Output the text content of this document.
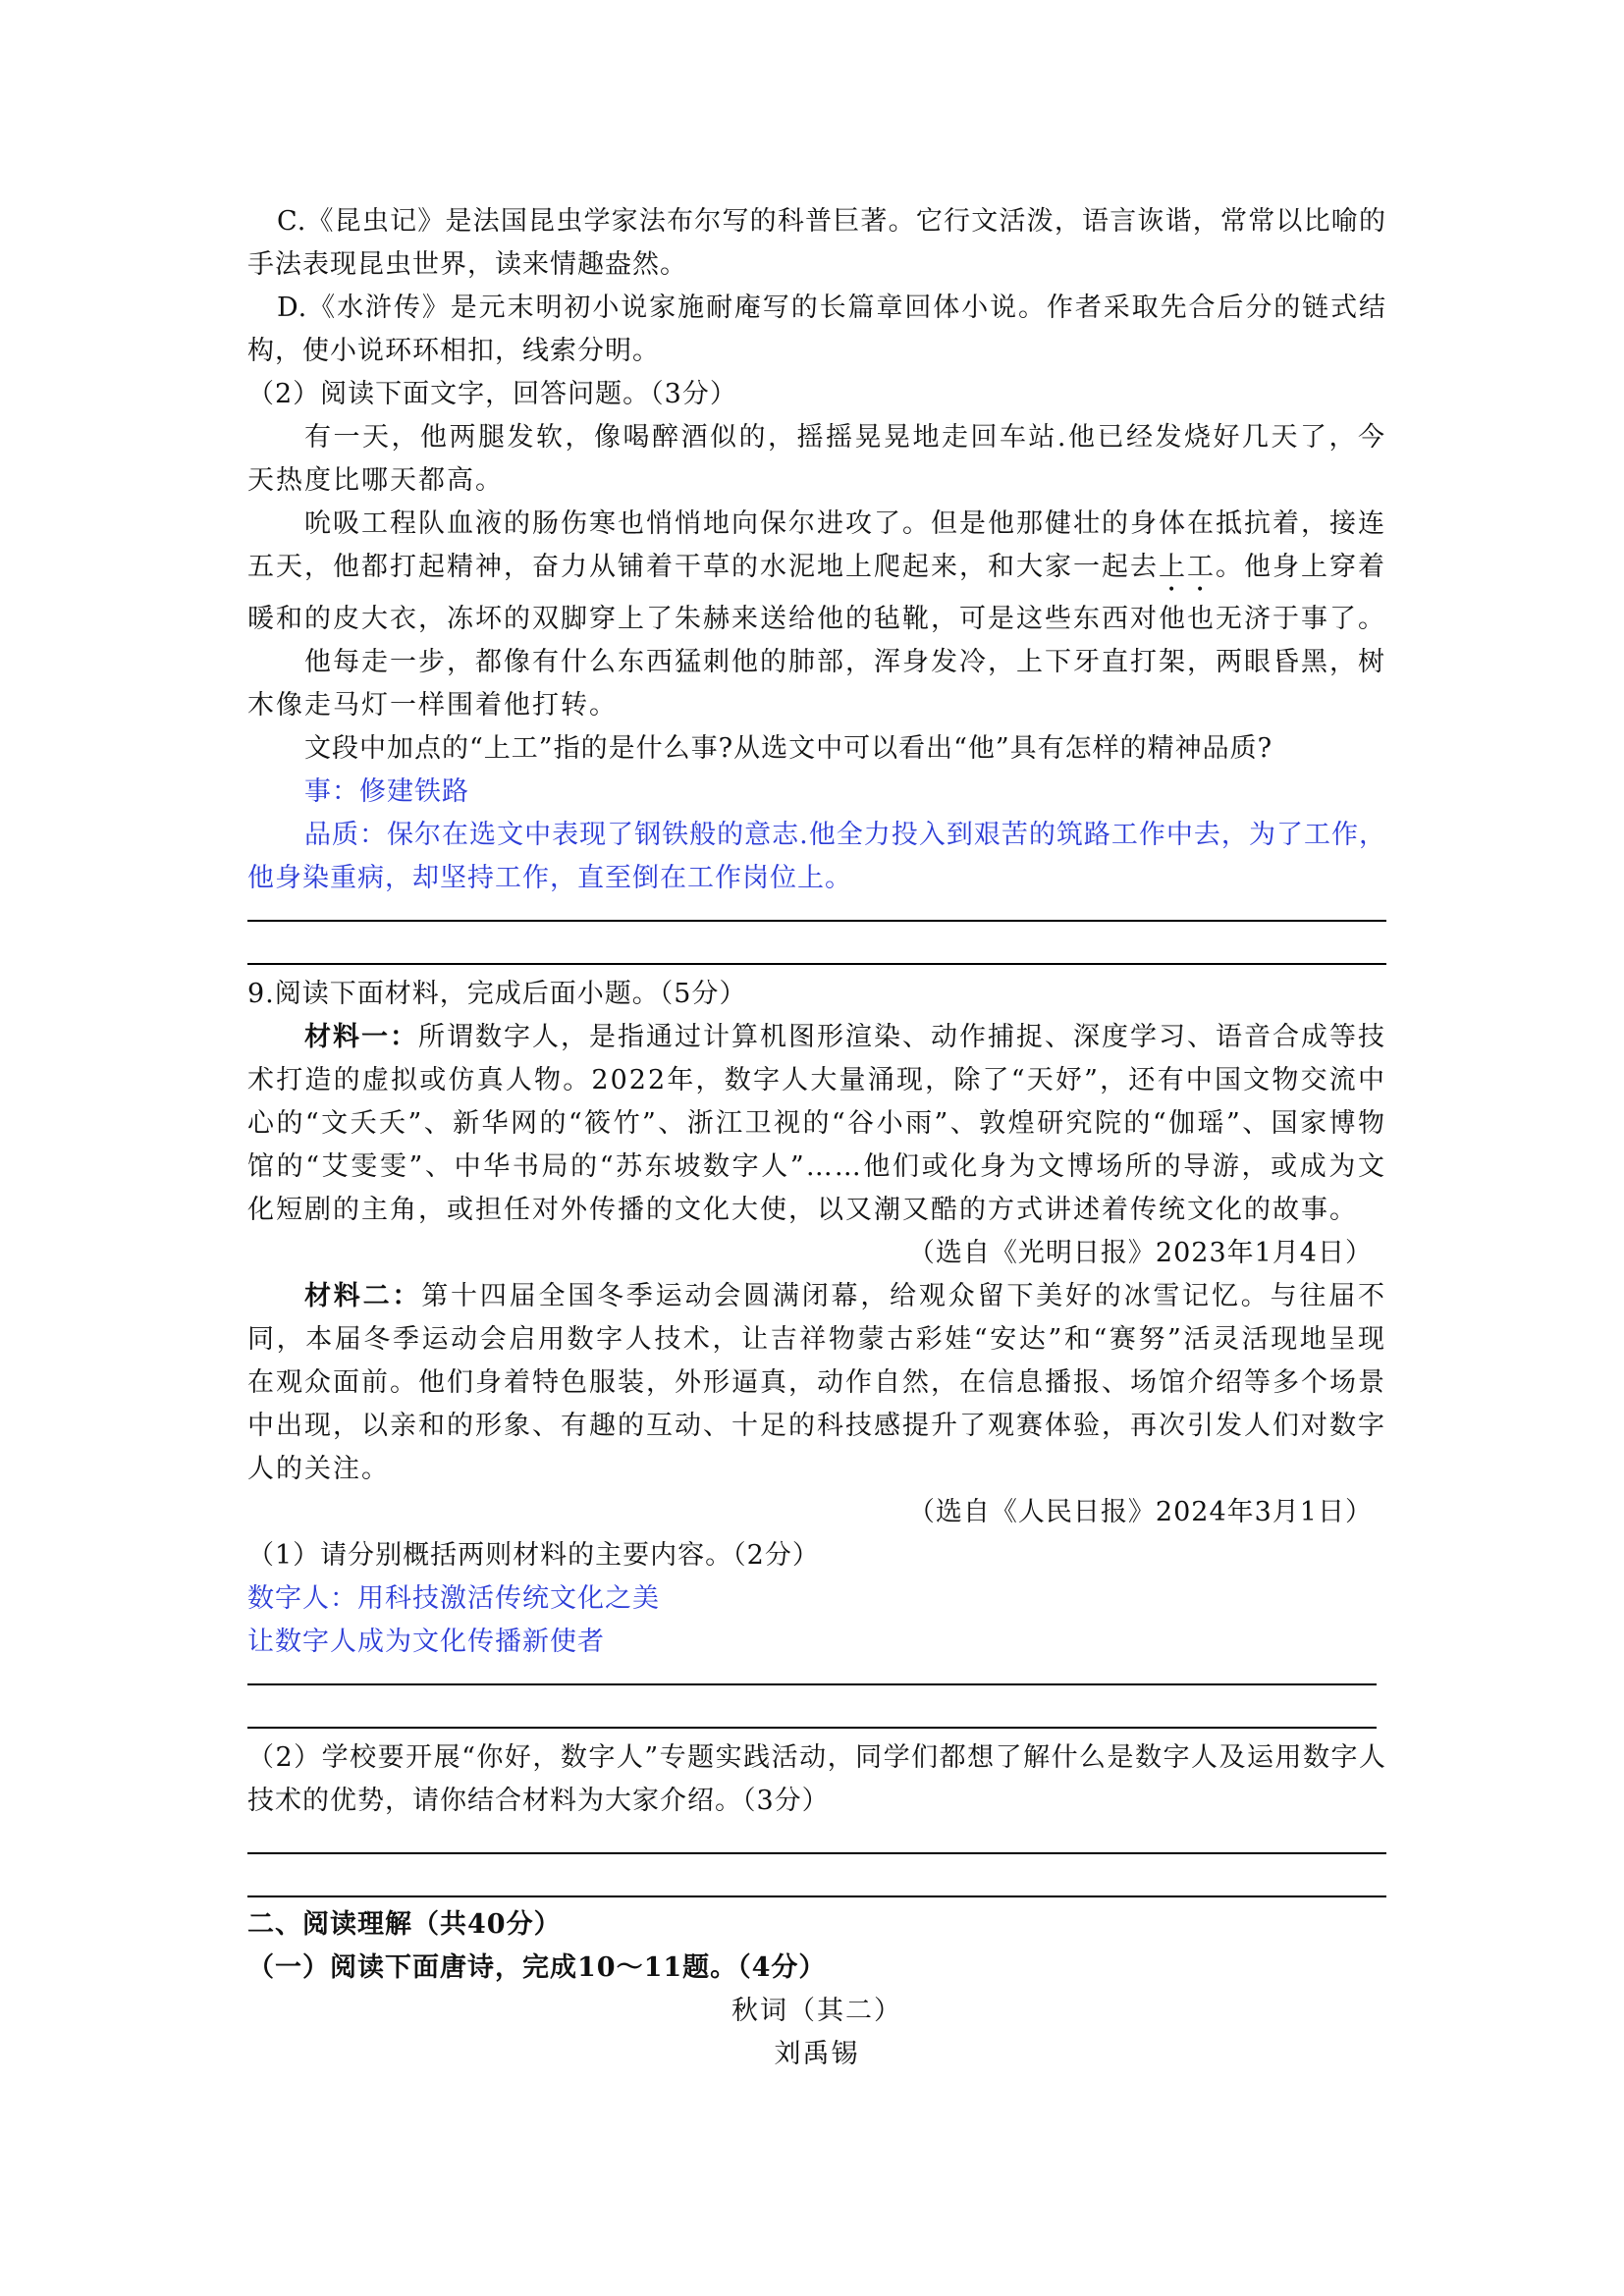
C.《昆虫记》是法国昆虫学家法布尔写的科普巨著。它行文活泼，语言诙谐，常常以比喻的手法表现昆虫世界，读来情趣盎然。

D.《水浒传》是元末明初小说家施耐庵写的长篇章回体小说。作者采取先合后分的链式结构，使小说环环相扣，线索分明。

（2）阅读下面文字，回答问题。（3分）

有一天，他两腿发软，像喝醉酒似的，摇摇晃晃地走回车站.他已经发烧好几天了，今天热度比哪天都高。

吮吸工程队血液的肠伤寒也悄悄地向保尔进攻了。但是他那健壮的身体在抵抗着，接连五天，他都打起精神，奋力从铺着干草的水泥地上爬起来，和大家一起去上工。他身上穿着暖和的皮大衣，冻坏的双脚穿上了朱赫来送给他的毡靴，可是这些东西对他也无济于事了。

他每走一步，都像有什么东西猛刺他的肺部，浑身发冷，上下牙直打架，两眼昏黑，树木像走马灯一样围着他打转。

文段中加点的“上工”指的是什么事?从选文中可以看出“他”具有怎样的精神品质?

事：修建铁路

品质：保尔在选文中表现了钢铁般的意志.他全力投入到艰苦的筑路工作中去，为了工作，他身染重病，却坚持工作，直至倒在工作岗位上。

9.阅读下面材料，完成后面小题。（5分）

材料一：所谓数字人，是指通过计算机图形渲染、动作捕捉、深度学习、语音合成等技术打造的虚拟或仿真人物。2022年，数字人大量涌现，除了“天妤”，还有中国文物交流中心的“文夭夭”、新华网的“筱竹”、浙江卫视的“谷小雨”、敦煌研究院的“伽瑶”、国家博物馆的“艾雯雯”、中华书局的“苏东坡数字人”……他们或化身为文博场所的导游，或成为文化短剧的主角，或担任对外传播的文化大使，以又潮又酷的方式讲述着传统文化的故事。

（选自《光明日报》2023年1月4日）

材料二：第十四届全国冬季运动会圆满闭幕，给观众留下美好的冰雪记忆。与往届不同，本届冬季运动会启用数字人技术，让吉祥物蒙古彩娃“安达”和“赛努”活灵活现地呈现在观众面前。他们身着特色服装，外形逼真，动作自然，在信息播报、场馆介绍等多个场景中出现，以亲和的形象、有趣的互动、十足的科技感提升了观赛体验，再次引发人们对数字人的关注。

（选自《人民日报》2024年3月1日）

（1）请分别概括两则材料的主要内容。（2分）

数字人：用科技激活传统文化之美

让数字人成为文化传播新使者

（2）学校要开展“你好，数字人”专题实践活动，同学们都想了解什么是数字人及运用数字人技术的优势，请你结合材料为大家介绍。（3分）

二、阅读理解（共40分）

（一）阅读下面唐诗，完成10～11题。（4分）

秋词（其二）

刘禹锡
